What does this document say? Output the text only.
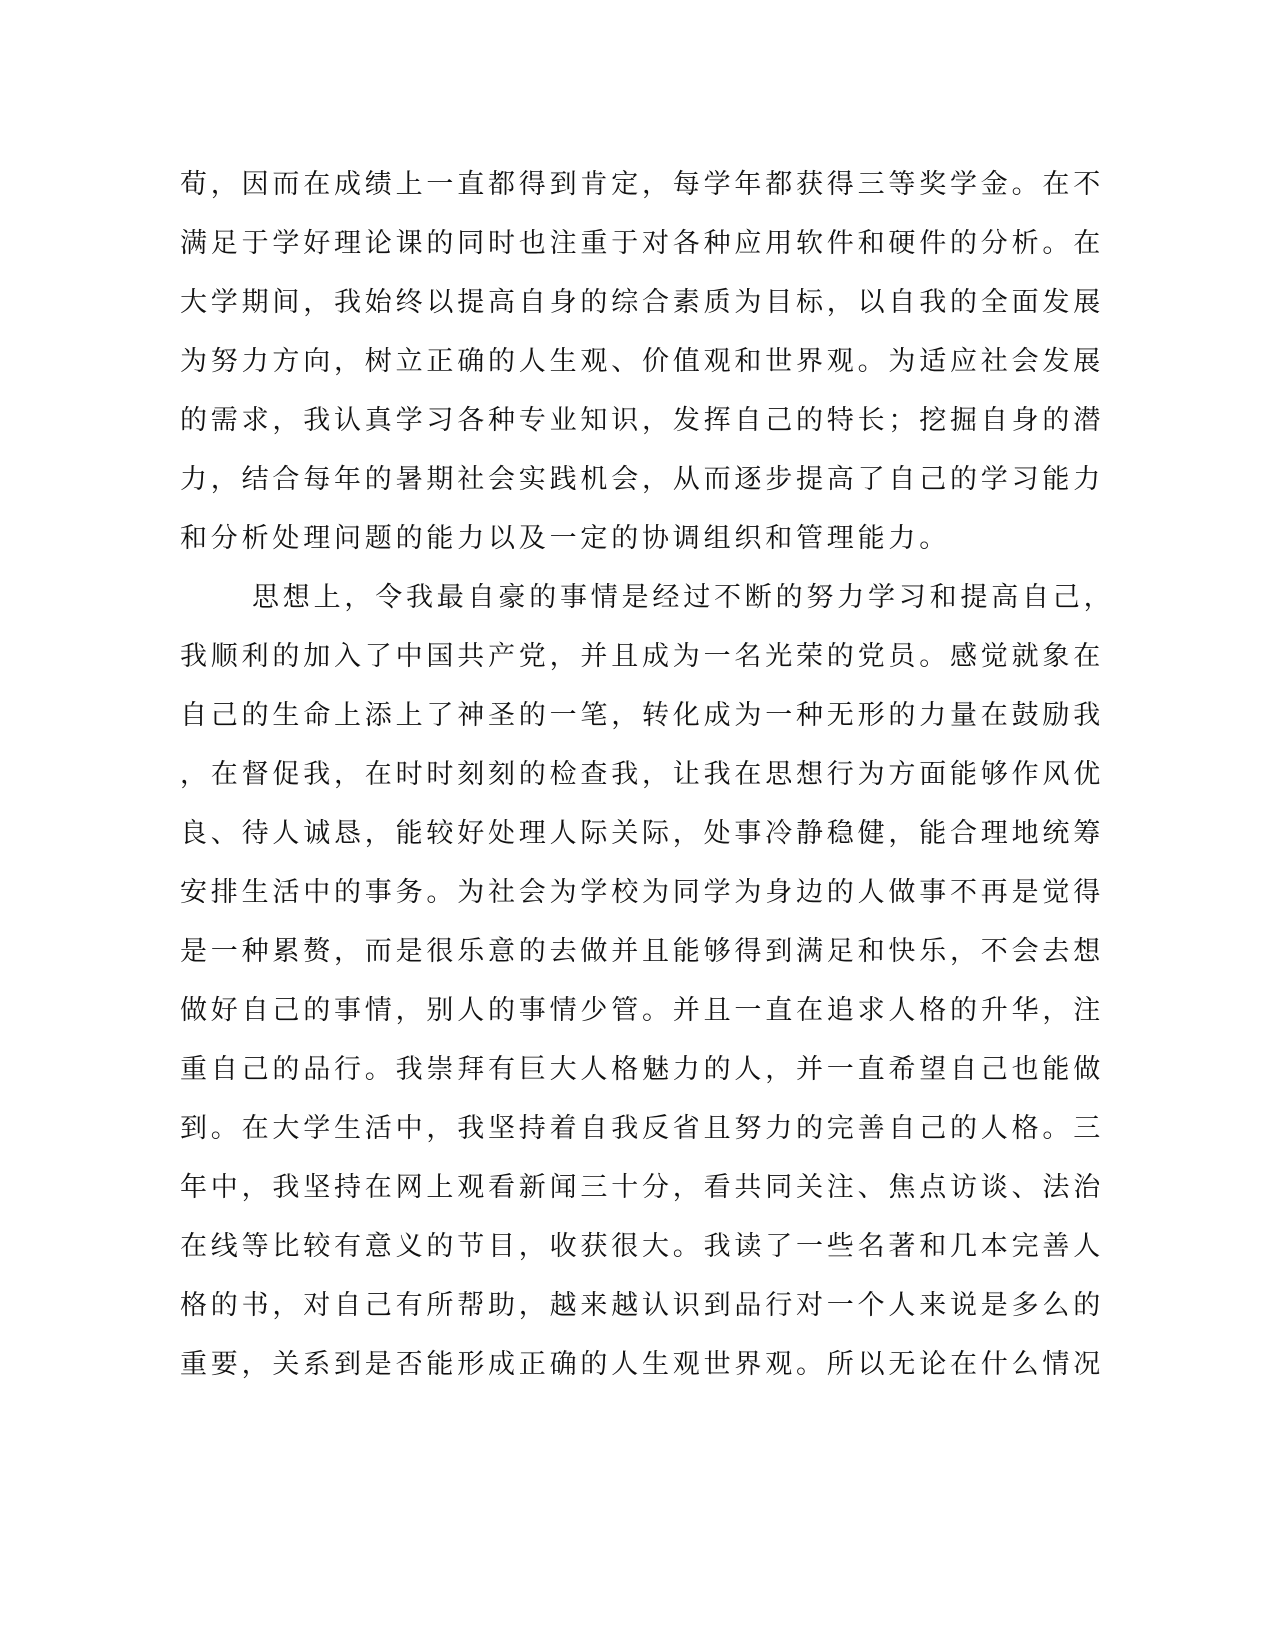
荀，因而在成绩上一直都得到肯定，每学年都获得三等奖学金。在不
满足于学好理论课的同时也注重于对各种应用软件和硬件的分析。在
大学期间，我始终以提高自身的综合素质为目标，以自我的全面发展
为努力方向，树立正确的人生观、价值观和世界观。为适应社会发展
的需求，我认真学习各种专业知识，发挥自己的特长；挖掘自身的潜
力，结合每年的暑期社会实践机会，从而逐步提高了自己的学习能力
和分析处理问题的能力以及一定的协调组织和管理能力。
思想上，令我最自豪的事情是经过不断的努力学习和提高自己，
我顺利的加入了中国共产党，并且成为一名光荣的党员。感觉就象在
自己的生命上添上了神圣的一笔，转化成为一种无形的力量在鼓励我
，在督促我，在时时刻刻的检查我，让我在思想行为方面能够作风优
良、待人诚恳，能较好处理人际关际，处事冷静稳健，能合理地统筹
安排生活中的事务。为社会为学校为同学为身边的人做事不再是觉得
是一种累赘，而是很乐意的去做并且能够得到满足和快乐，不会去想
做好自己的事情，别人的事情少管。并且一直在追求人格的升华，注
重自己的品行。我崇拜有巨大人格魅力的人，并一直希望自己也能做
到。在大学生活中，我坚持着自我反省且努力的完善自己的人格。三
年中，我坚持在网上观看新闻三十分，看共同关注、焦点访谈、法治
在线等比较有意义的节目，收获很大。我读了一些名著和几本完善人
格的书，对自己有所帮助，越来越认识到品行对一个人来说是多么的
重要，关系到是否能形成正确的人生观世界观。所以无论在什么情况
